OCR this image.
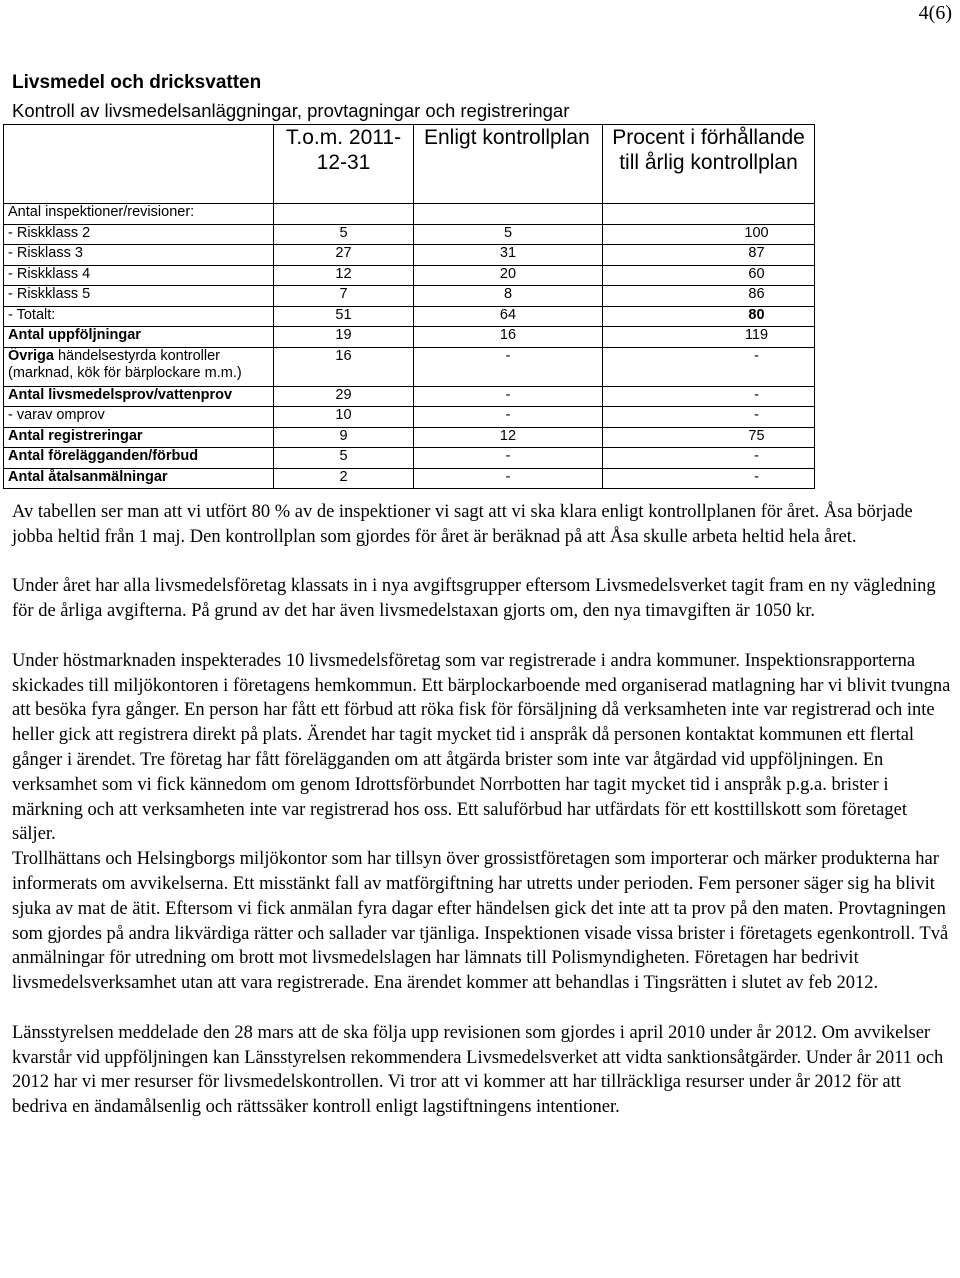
4(6)
Livsmedel och dricksvatten
Kontroll av livsmedelsanläggningar, provtagningar och registreringar
	T.o.m. 2011-12-31	Enligt kontrollplan	Procent i förhållande till årlig kontrollplan
Antal inspektioner/revisioner:			
- Riskklass 2	5	5	100
- Risklass 3	27	31	87
- Riskklass 4	12	20	60
- Riskklass 5	7	8	86
- Totalt:	51	64	80
Antal uppföljningar	19	16	119
Övriga händelsestyrda kontroller
(marknad, kök för bärplockare m.m.)	16	-	-
Antal livsmedelsprov/vattenprov	29	-	-
- varav omprov	10	-	-
Antal registreringar	9	12	75
Antal förelägganden/förbud	5	-	-
Antal åtalsanmälningar	2	-	-

Av tabellen ser man att vi utfört 80 % av de inspektioner vi sagt att vi ska klara enligt kontrollplanen för året. Åsa började jobba heltid från 1 maj. Den kontrollplan som gjordes för året är beräknad på att Åsa skulle arbeta heltid hela året.

Under året har alla livsmedelsföretag klassats in i nya avgiftsgrupper eftersom Livsmedelsverket tagit fram en ny vägledning för de årliga avgifterna. På grund av det har även livsmedelstaxan gjorts om, den nya timavgiften är 1050 kr.

Under höstmarknaden inspekterades 10 livsmedelsföretag som var registrerade i andra kommuner. Inspektionsrapporterna skickades till miljökontoren i företagens hemkommun. Ett bärplockarboende med organiserad matlagning har vi blivit tvungna att besöka fyra gånger. En person har fått ett förbud att röka fisk för försäljning då verksamheten inte var registrerad och inte heller gick att registrera direkt på plats. Ärendet har tagit mycket tid i anspråk då personen kontaktat kommunen ett flertal gånger i ärendet. Tre företag har fått förelägganden om att åtgärda brister som inte var åtgärdad vid uppföljningen. En verksamhet som vi fick kännedom om genom Idrottsförbundet Norrbotten har tagit mycket tid i anspråk p.g.a. brister i märkning och att verksamheten inte var registrerad hos oss. Ett saluförbud har utfärdats för ett kosttillskott som företaget säljer.

Trollhättans och Helsingborgs miljökontor som har tillsyn över grossistföretagen som importerar och märker produkterna har informerats om avvikelserna. Ett misstänkt fall av matförgiftning har utretts under perioden. Fem personer säger sig ha blivit sjuka av mat de ätit. Eftersom vi fick anmälan fyra dagar efter händelsen gick det inte att ta prov på den maten. Provtagningen som gjordes på andra likvärdiga rätter och sallader var tjänliga. Inspektionen visade vissa brister i företagets egenkontroll. Två anmälningar för utredning om brott mot livsmedelslagen har lämnats till Polismyndigheten. Företagen har bedrivit livsmedelsverksamhet utan att vara registrerade. Ena ärendet kommer att behandlas i Tingsrätten i slutet av feb 2012.

Länsstyrelsen meddelade den 28 mars att de ska följa upp revisionen som gjordes i april 2010 under år 2012. Om avvikelser kvarstår vid uppföljningen kan Länsstyrelsen rekommendera Livsmedelsverket att vidta sanktionsåtgärder. Under år 2011 och 2012 har vi mer resurser för livsmedelskontrollen. Vi tror att vi kommer att har tillräckliga resurser under år 2012 för att bedriva en ändamålsenlig och rättssäker kontroll enligt lagstiftningens intentioner.
